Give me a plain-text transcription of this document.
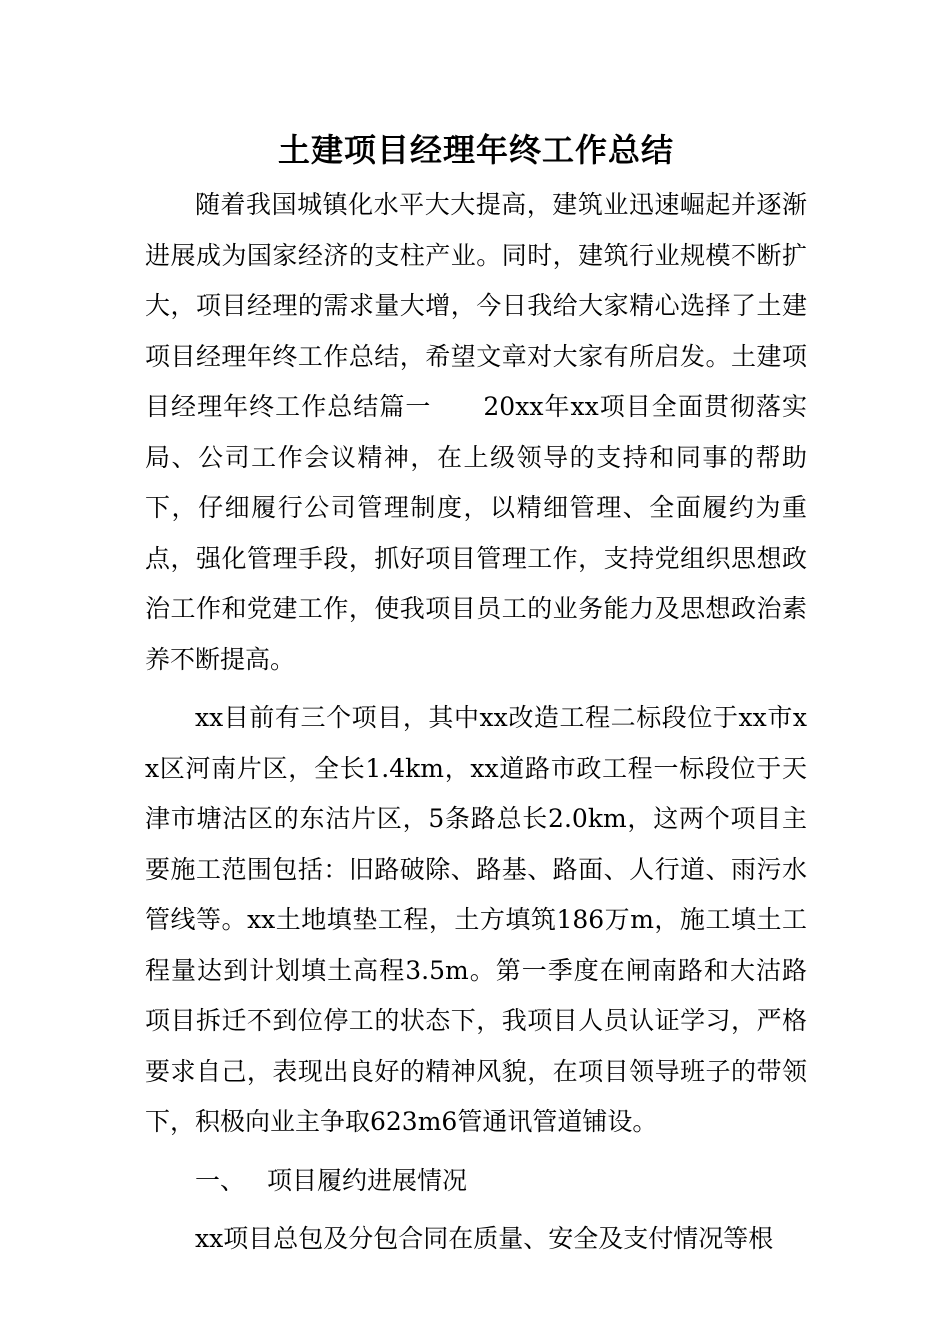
土建项目经理年终工作总结

随着我国城镇化水平大大提高，建筑业迅速崛起并逐渐进展成为国家经济的支柱产业。同时，建筑行业规模不断扩大，项目经理的需求量大增，今日我给大家精心选择了土建项目经理年终工作总结，希望文章对大家有所启发。土建项目经理年终工作总结篇一 20xx年xx项目全面贯彻落实局、公司工作会议精神，在上级领导的支持和同事的帮助下，仔细履行公司管理制度，以精细管理、全面履约为重点，强化管理手段，抓好项目管理工作，支持党组织思想政治工作和党建工作，使我项目员工的业务能力及思想政治素养不断提高。

xx目前有三个项目，其中xx改造工程二标段位于xx市xx区河南片区，全长1.4km，xx道路市政工程一标段位于天津市塘沽区的东沽片区，5条路总长2.0km，这两个项目主要施工范围包括：旧路破除、路基、路面、人行道、雨污水管线等。xx土地填垫工程，土方填筑186万m，施工填土工程量达到计划填土高程3.5m。第一季度在闸南路和大沽路项目拆迁不到位停工的状态下，我项目人员认证学习，严格要求自己，表现出良好的精神风貌，在项目领导班子的带领下，积极向业主争取623m6管通讯管道铺设。

一、 项目履约进展情况

xx项目总包及分包合同在质量、安全及支付情况等根
